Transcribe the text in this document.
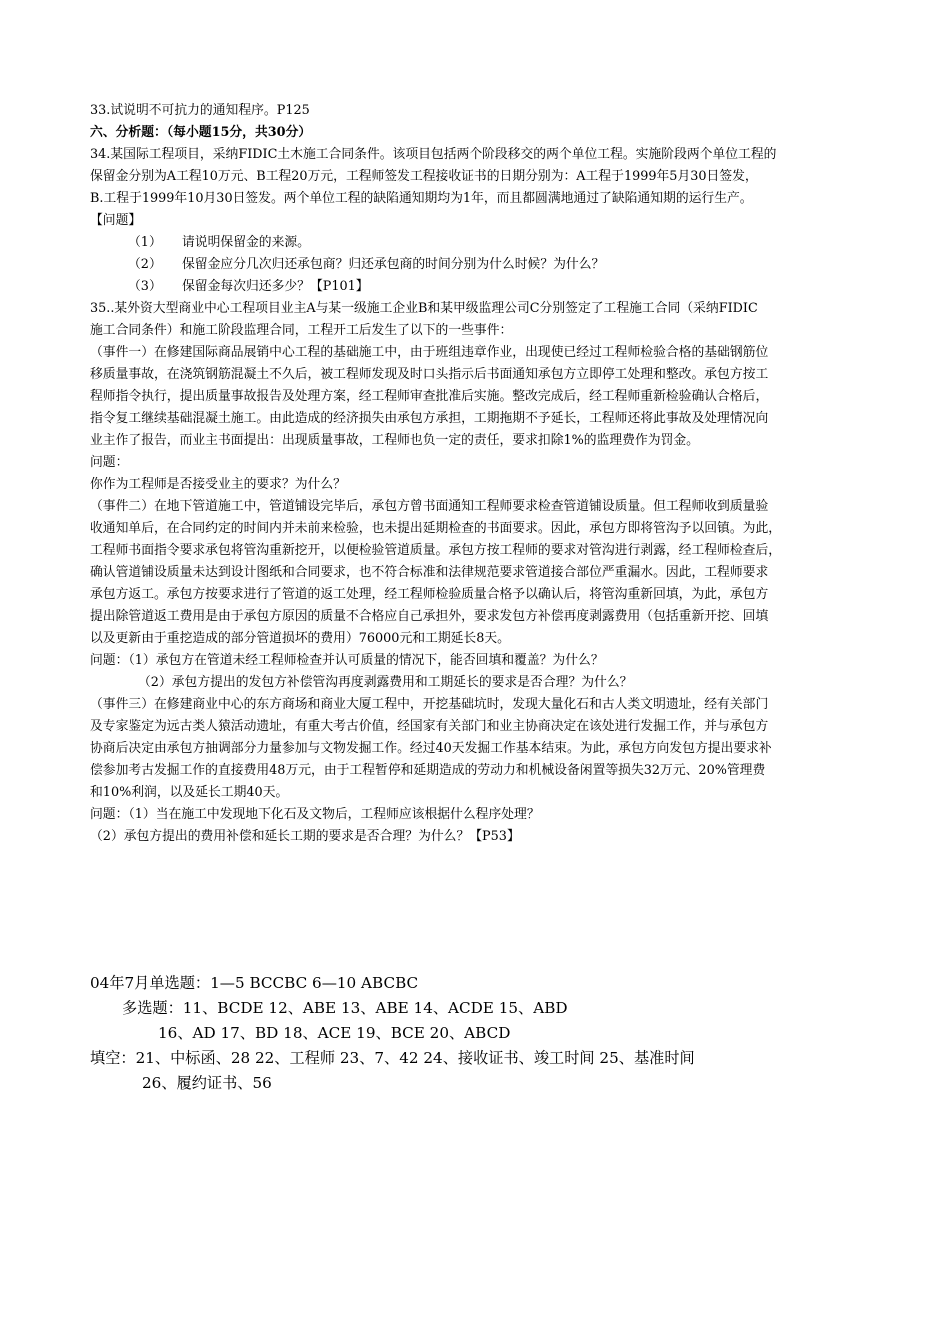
33.试说明不可抗力的通知程序。P125

六、分析题：（每小题15分，共30分）

34.某国际工程项目，采纳FIDIC土木施工合同条件。该项目包括两个阶段移交的两个单位工程。实施阶段两个单位工程的

保留金分别为A工程10万元、B工程20万元，工程师签发工程接收证书的日期分别为：A工程于1999年5月30日签发，

B.工程于1999年10月30日签发。两个单位工程的缺陷通知期均为1年，而且都圆满地通过了缺陷通知期的运行生产。

【问题】

（1）	请说明保留金的来源。
（2）	保留金应分几次归还承包商？归还承包商的时间分别为什么时候？为什么？
（3）	保留金每次归还多少？【P101】

35..某外资大型商业中心工程项目业主A与某一级施工企业B和某甲级监理公司C分别签定了工程施工合同（采纳FIDIC

施工合同条件）和施工阶段监理合同，工程开工后发生了以下的一些事件：

（事件一）在修建国际商品展销中心工程的基础施工中，由于班组违章作业，出现使已经过工程师检验合格的基础钢筋位

移质量事故，在浇筑钢筋混凝土不久后，被工程师发现及时口头指示后书面通知承包方立即停工处理和整改。承包方按工

程师指令执行，提出质量事故报告及处理方案，经工程师审查批准后实施。整改完成后，经工程师重新检验确认合格后，

指令复工继续基础混凝土施工。由此造成的经济损失由承包方承担，工期拖期不予延长，工程师还将此事故及处理情况向

业主作了报告，而业主书面提出：出现质量事故，工程师也负一定的责任，要求扣除1%的监理费作为罚金。

问题：

你作为工程师是否接受业主的要求？为什么？

（事件二）在地下管道施工中，管道铺设完毕后，承包方曾书面通知工程师要求检查管道铺设质量。但工程师收到质量验

收通知单后，在合同约定的时间内并未前来检验，也未提出延期检查的书面要求。因此，承包方即将管沟予以回镇。为此，

工程师书面指令要求承包将管沟重新挖开，以便检验管道质量。承包方按工程师的要求对管沟进行剥露，经工程师检查后，

确认管道铺设质量未达到设计图纸和合同要求，也不符合标准和法律规范要求管道接合部位严重漏水。因此，工程师要求

承包方返工。承包方按要求进行了管道的返工处理，经工程师检验质量合格予以确认后，将管沟重新回填，为此，承包方

提出除管道返工费用是由于承包方原因的质量不合格应自己承担外，要求发包方补偿再度剥露费用（包括重新开挖、回填

以及更新由于重挖造成的部分管道损坏的费用）76000元和工期延长8天。

问题：（1）承包方在管道未经工程师检查并认可质量的情况下，能否回填和覆盖？为什么？

（2）承包方提出的发包方补偿管沟再度剥露费用和工期延长的要求是否合理？为什么？

（事件三）在修建商业中心的东方商场和商业大厦工程中，开挖基础坑时，发现大量化石和古人类文明遗址，经有关部门

及专家鉴定为远古类人猿活动遗址，有重大考古价值，经国家有关部门和业主协商决定在该处进行发掘工作，并与承包方

协商后决定由承包方抽调部分力量参加与文物发掘工作。经过40天发掘工作基本结束。为此，承包方向发包方提出要求补

偿参加考古发掘工作的直接费用48万元，由于工程暂停和延期造成的劳动力和机械设备闲置等损失32万元、20%管理费

和10%利润，以及延长工期40天。

问题：（1）当在施工中发现地下化石及文物后，工程师应该根据什么程序处理？

（2）承包方提出的费用补偿和延长工期的要求是否合理？为什么？【P53】

04年7月单选题：1—5 BCCBC 6—10 ABCBC
多选题：11、BCDE 12、ABE 13、ABE 14、ACDE 15、ABD
16、AD 17、BD 18、ACE 19、BCE 20、ABCD
填空：21、中标函、28 22、工程师 23、7、42 24、接收证书、竣工时间 25、基准时间
26、履约证书、56
